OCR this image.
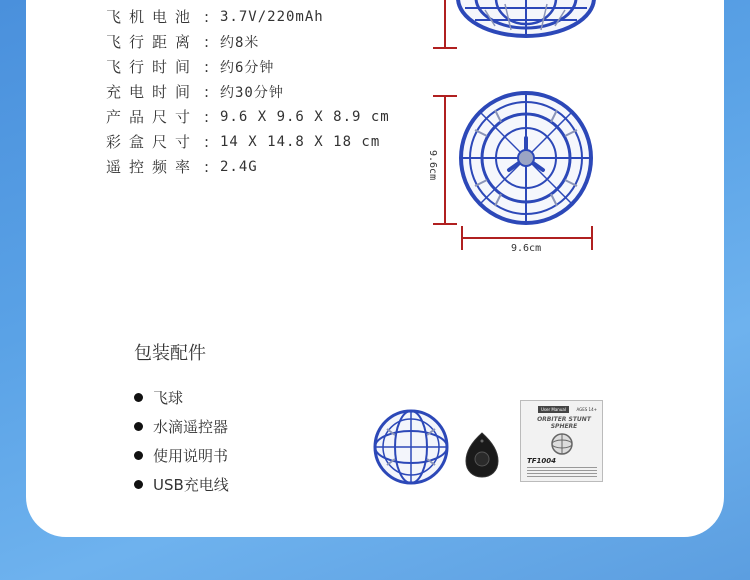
飞机电池 : 3.7V/220mAh
飞行距离 : 约8米
飞行时间 : 约6分钟
充电时间 : 约30分钟
产品尺寸 : 9.6 X 9.6 X 8.9 cm
彩盒尺寸 : 14 X 14.8 X 18 cm
遥控频率 : 2.4G	9.6cm
9.6cm
包装配件
飞球
水滴遥控器
使用说明书
USB充电线
User Manual	AGES 14+
ORBITER STUNT SPHERE
TF1004
